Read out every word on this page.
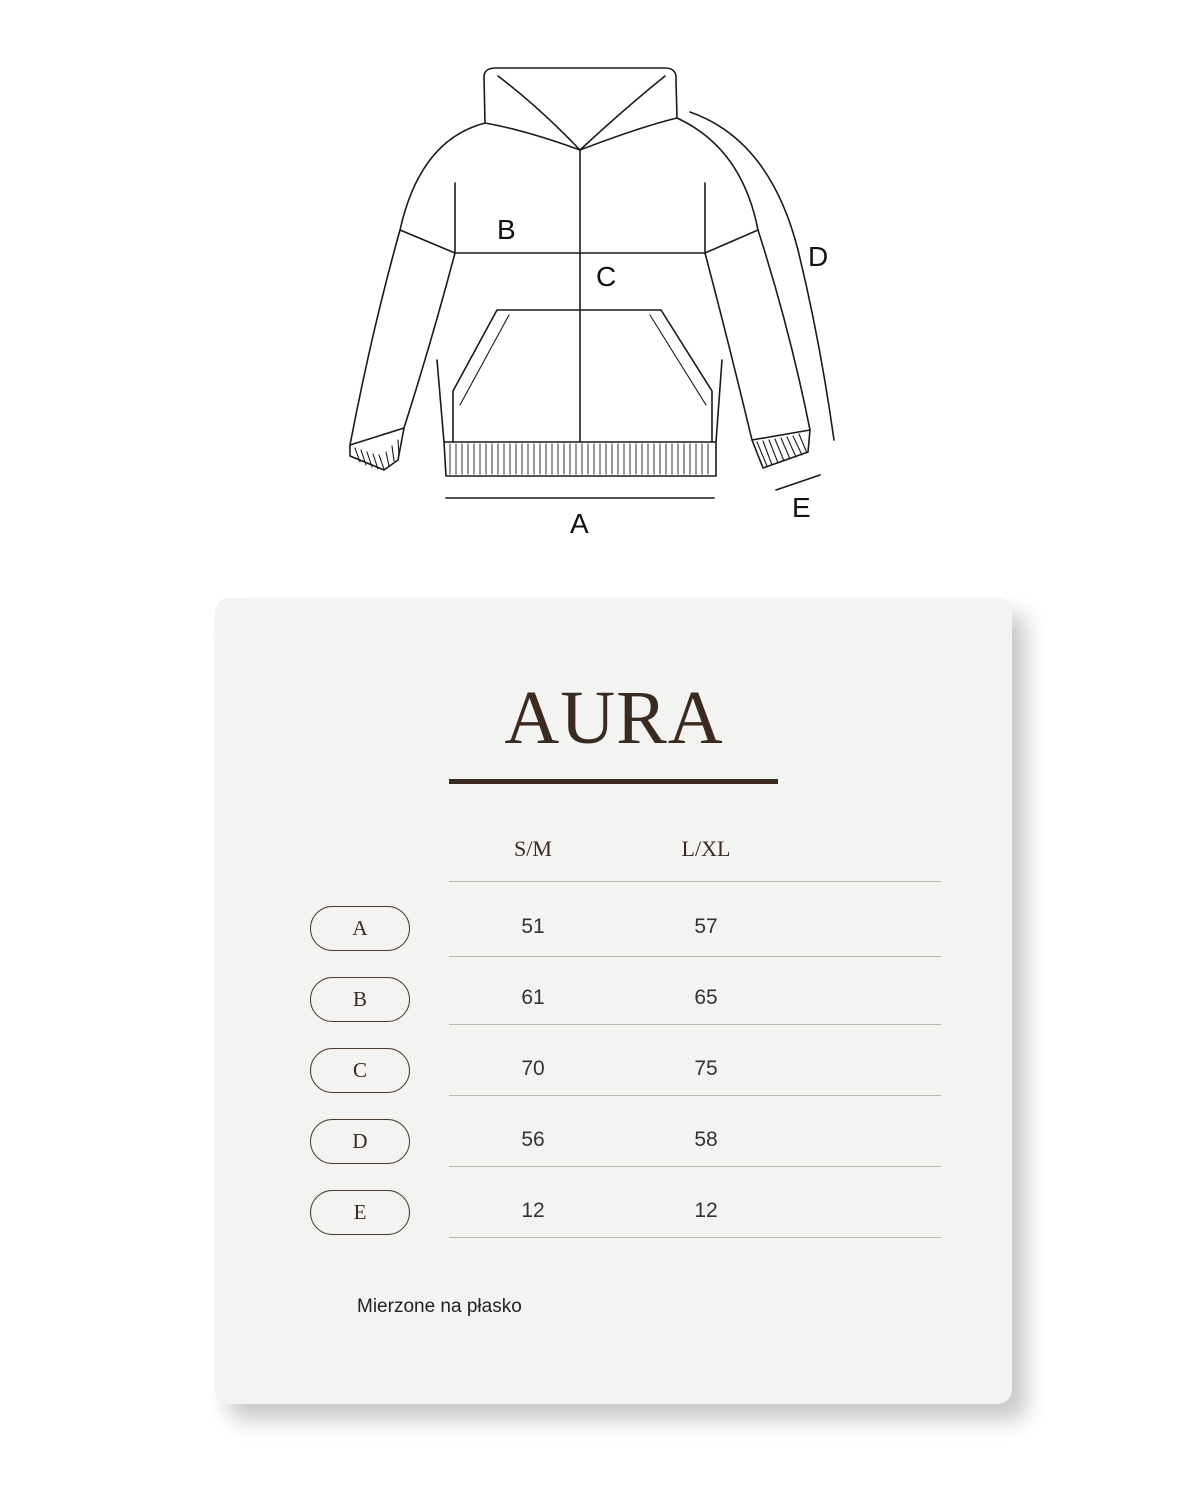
A
B
C
D
E
AURA
S/M	L/XL
A	51	57
B	61	65
C	70	75
D	56	58
E	12	12
Mierzone na płasko
